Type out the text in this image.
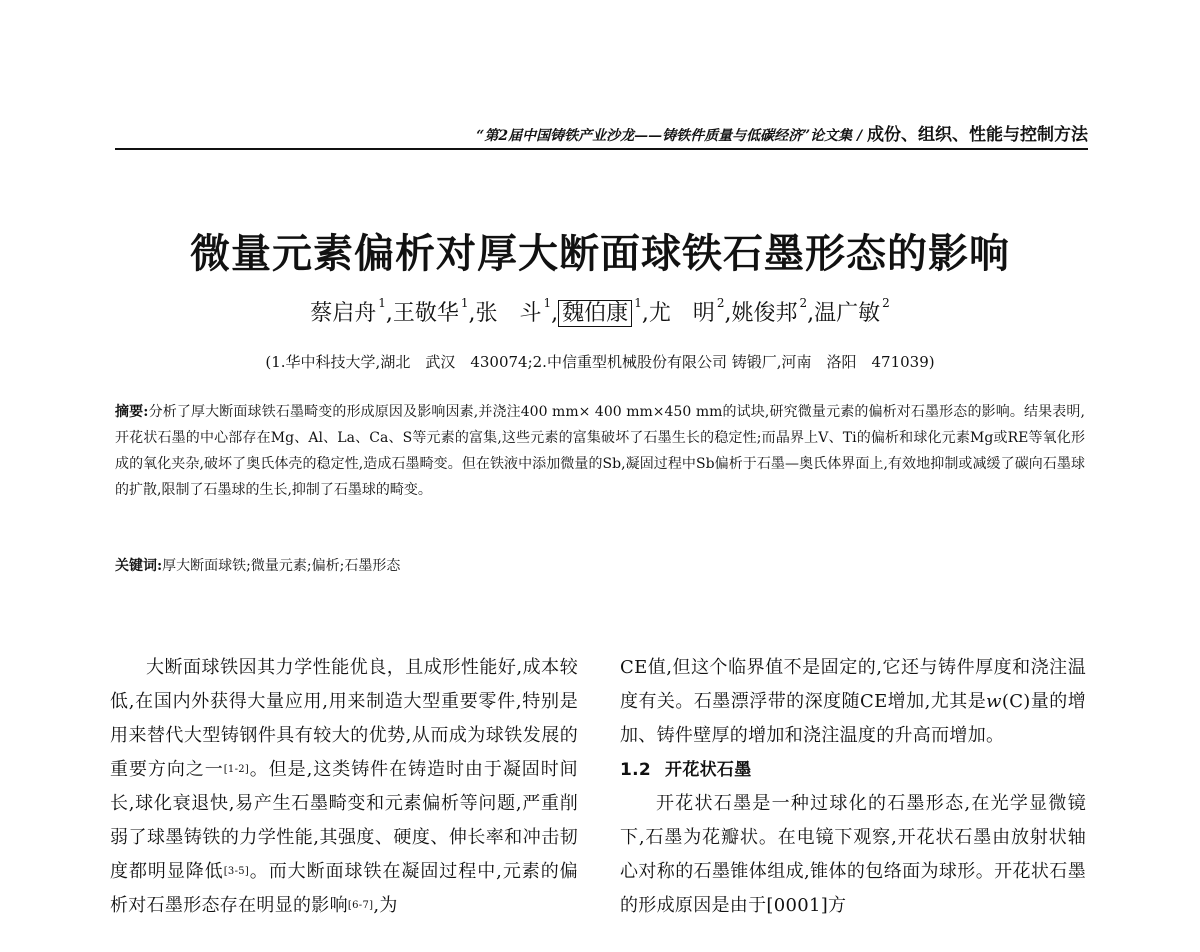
“第2届中国铸铁产业沙龙——铸铁件质量与低碳经济”论文集 / 成份、组织、性能与控制方法
微量元素偏析对厚大断面球铁石墨形态的影响
蔡启舟 $^1$,王敬华 $^1$,张　斗 $^1$, 魏伯康 $^1$,尤　明 $^2$,姚俊邦 $^2$,温广敏 $^2$
(1.华中科技大学,湖北　武汉　430074;2.中信重型机械股份有限公司 铸锻厂,河南　洛阳　471039)
摘要:分析了厚大断面球铁石墨畸变的形成原因及影响因素,并浇注400 mm× 400 mm×450 mm的试块,研究微量元素的偏析对石墨形态的影响。结果表明,开花状石墨的中心部存在Mg、Al、La、Ca、S等元素的富集,这些元素的富集破坏了石墨生长的稳定性;而晶界上V、Ti的偏析和球化元素Mg或RE等氧化形成的氧化夹杂,破坏了奥氏体壳的稳定性,造成石墨畸变。但在铁液中添加微量的Sb,凝固过程中Sb偏析于石墨—奥氏体界面上,有效地抑制或减缓了碳向石墨球的扩散,限制了石墨球的生长,抑制了石墨球的畸变。
关键词:厚大断面球铁;微量元素;偏析;石墨形态

大断面球铁因其力学性能优良，且成形性能好,成本较低,在国内外获得大量应用,用来制造大型重要零件,特别是用来替代大型铸钢件具有较大的优势,从而成为球铁发展的重要方向之一[1-2]。但是,这类铸件在铸造时由于凝固时间长,球化衰退快,易产生石墨畸变和元素偏析等问题,严重削弱了球墨铸铁的力学性能,其强度、硬度、伸长率和冲击韧度都明显降低[3-5]。而大断面球铁在凝固过程中,元素的偏析对石墨形态存在明显的影响[6-7],为

CE值,但这个临界值不是固定的,它还与铸件厚度和浇注温度有关。石墨漂浮带的深度随CE增加,尤其是w(C)量的增加、铸件壁厚的增加和浇注温度的升高而增加。

1.2 开花状石墨

开花状石墨是一种过球化的石墨形态,在光学显微镜下,石墨为花瓣状。在电镜下观察,开花状石墨由放射状轴心对称的石墨锥体组成,锥体的包络面为球形。开花状石墨的形成原因是由于[0001]方
